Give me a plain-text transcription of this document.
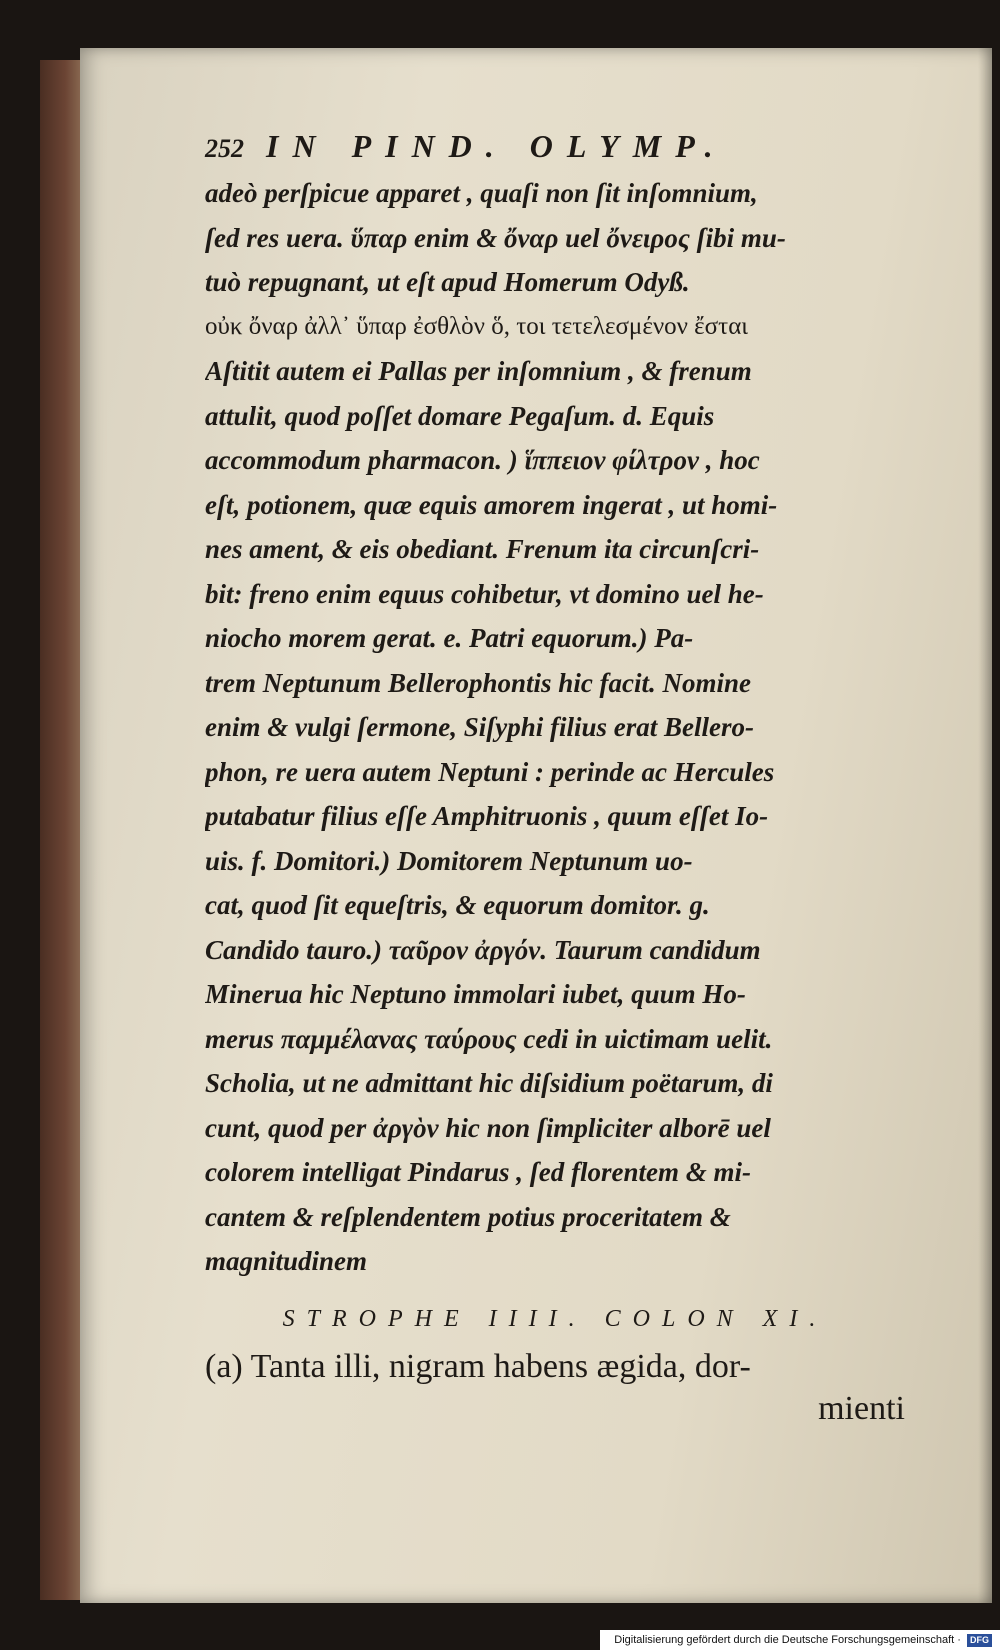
252 IN PIND. OLYMP.
adeò perſpicue apparet , quaſi non ſit inſomnium,
ſed res uera. ὕπαρ enim & ὄναρ uel ὄνειρος ſibi mu-
tuò repugnant, ut eſt apud Homerum Odyß.
οὐκ ὄναρ ἀλλ᾽ ὕπαρ ἐσθλὸν ὅ, τοι τετελεσμένον ἔσται
Aſtitit autem ei Pallas per inſomnium , & frenum
attulit, quod poſſet domare Pegaſum. d. Equis
accommodum pharmacon. ) ἵππειον φίλτρον , hoc
eſt, potionem, quæ equis amorem ingerat , ut homi-
nes ament, & eis obediant. Frenum ita circunſcri-
bit: freno enim equus cohibetur, vt domino uel he-
niocho morem gerat. e. Patri equorum.) Pa-
trem Neptunum Bellerophontis hic facit. Nomine
enim & vulgi ſermone, Siſyphi filius erat Bellero-
phon, re uera autem Neptuni : perinde ac Hercules
putabatur filius eſſe Amphitruonis , quum eſſet Io-
uis. f. Domitori.) Domitorem Neptunum uo-
cat, quod ſit equeſtris, & equorum domitor. g.
Candido tauro.) ταῦρον ἀργόν. Taurum candidum
Minerua hic Neptuno immolari iubet, quum Ho-
merus παμμέλανας ταύρους cedi in uictimam uelit.
Scholia, ut ne admittant hic diſsidium poëtarum, di
cunt, quod per ἀργὸν hic non ſimpliciter alborē uel
colorem intelligat Pindarus , ſed florentem & mi-
cantem & reſplendentem potius proceritatem &
magnitudinem
STROPHE IIII. COLON XI.
(a) Tanta illi, nigram habens ægida, dor-
mienti
Digitalisierung gefördert durch die Deutsche Forschungsgemeinschaft · DFG
